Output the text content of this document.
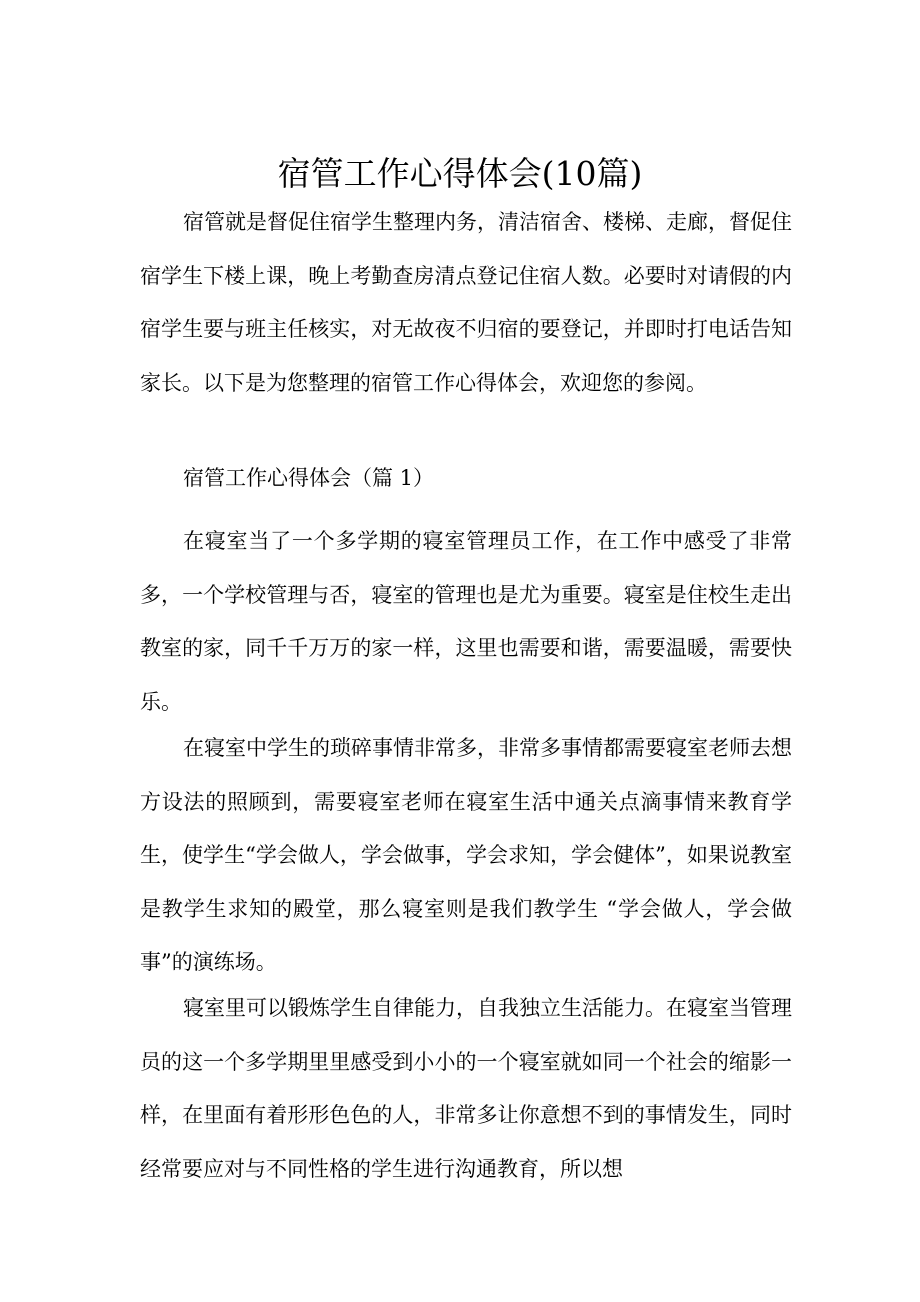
宿管工作心得体会(10篇)

宿管就是督促住宿学生整理内务，清洁宿舍、楼梯、走廊，督促住宿学生下楼上课，晚上考勤查房清点登记住宿人数。必要时对请假的内宿学生要与班主任核实，对无故夜不归宿的要登记，并即时打电话告知家长。以下是为您整理的宿管工作心得体会，欢迎您的参阅。

宿管工作心得体会（篇 1）

在寝室当了一个多学期的寝室管理员工作，在工作中感受了非常多，一个学校管理与否，寝室的管理也是尤为重要。寝室是住校生走出教室的家，同千千万万的家一样，这里也需要和谐，需要温暖，需要快乐。

在寝室中学生的琐碎事情非常多，非常多事情都需要寝室老师去想方设法的照顾到，需要寝室老师在寝室生活中通关点滴事情来教育学生，使学生“学会做人，学会做事，学会求知，学会健体”，如果说教室是教学生求知的殿堂，那么寝室则是我们教学生 “学会做人，学会做事”的演练场。

寝室里可以锻炼学生自律能力，自我独立生活能力。在寝室当管理员的这一个多学期里里感受到小小的一个寝室就如同一个社会的缩影一样，在里面有着形形色色的人，非常多让你意想不到的事情发生，同时经常要应对与不同性格的学生进行沟通教育，所以想
